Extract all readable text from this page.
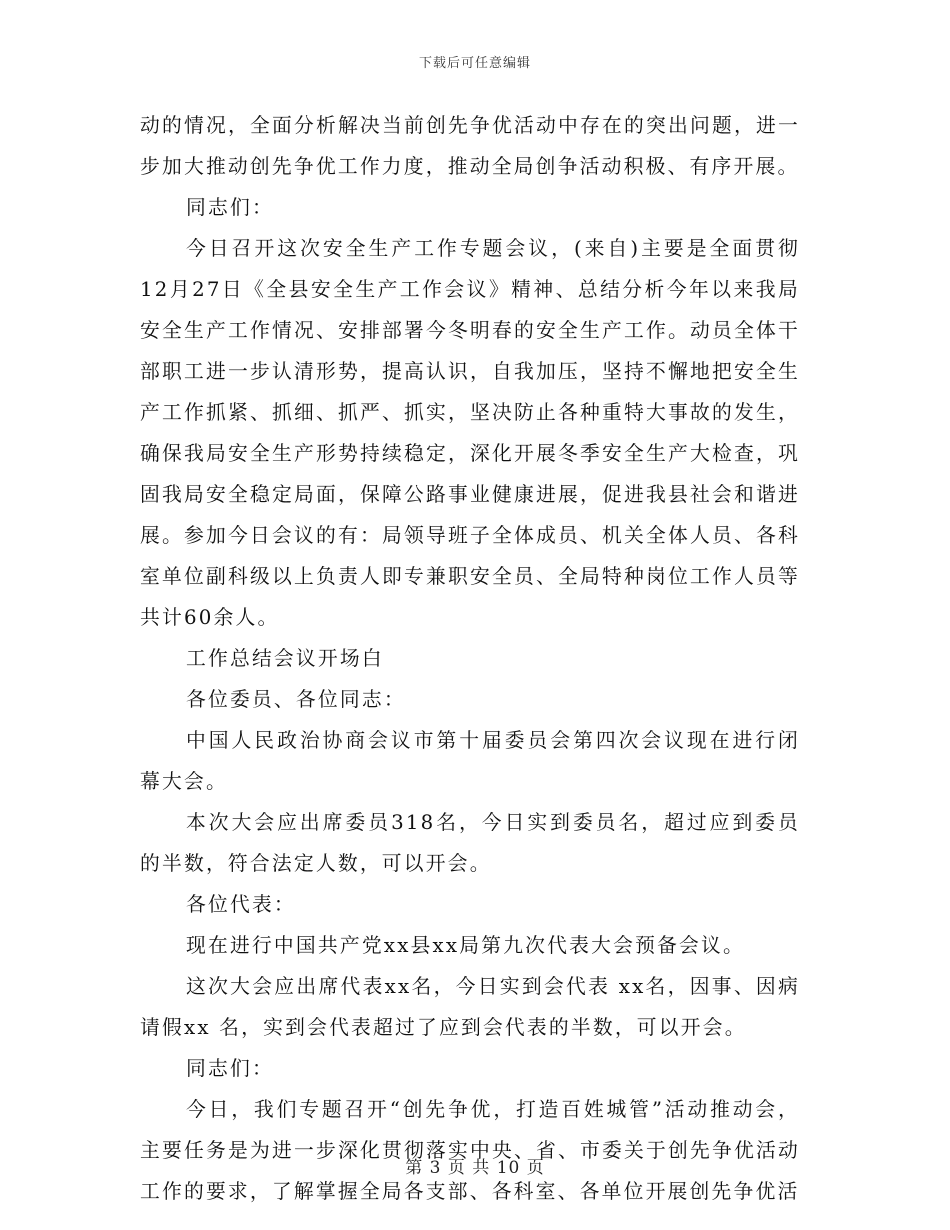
下载后可任意编辑

动的情况，全面分析解决当前创先争优活动中存在的突出问题，进一步加大推动创先争优工作力度，推动全局创争活动积极、有序开展。

同志们：

今日召开这次安全生产工作专题会议，(来自)主要是全面贯彻12月27日《全县安全生产工作会议》精神、总结分析今年以来我局安全生产工作情况、安排部署今冬明春的安全生产工作。动员全体干部职工进一步认清形势，提高认识，自我加压，坚持不懈地把安全生产工作抓紧、抓细、抓严、抓实，坚决防止各种重特大事故的发生，确保我局安全生产形势持续稳定，深化开展冬季安全生产大检查，巩固我局安全稳定局面，保障公路事业健康进展，促进我县社会和谐进展。参加今日会议的有：局领导班子全体成员、机关全体人员、各科室单位副科级以上负责人即专兼职安全员、全局特种岗位工作人员等共计60余人。

工作总结会议开场白

各位委员、各位同志：

中国人民政治协商会议市第十届委员会第四次会议现在进行闭幕大会。

本次大会应出席委员318名，今日实到委员名，超过应到委员的半数，符合法定人数，可以开会。

各位代表：

现在进行中国共产党xx县xx局第九次代表大会预备会议。

这次大会应出席代表xx名，今日实到会代表 xx名，因事、因病请假xx 名，实到会代表超过了应到会代表的半数，可以开会。

同志们：

今日，我们专题召开“创先争优，打造百姓城管”活动推动会，主要任务是为进一步深化贯彻落实中央、省、市委关于创先争优活动工作的要求，了解掌握全局各支部、各科室、各单位开展创先争优活

第 3 页 共 10 页
